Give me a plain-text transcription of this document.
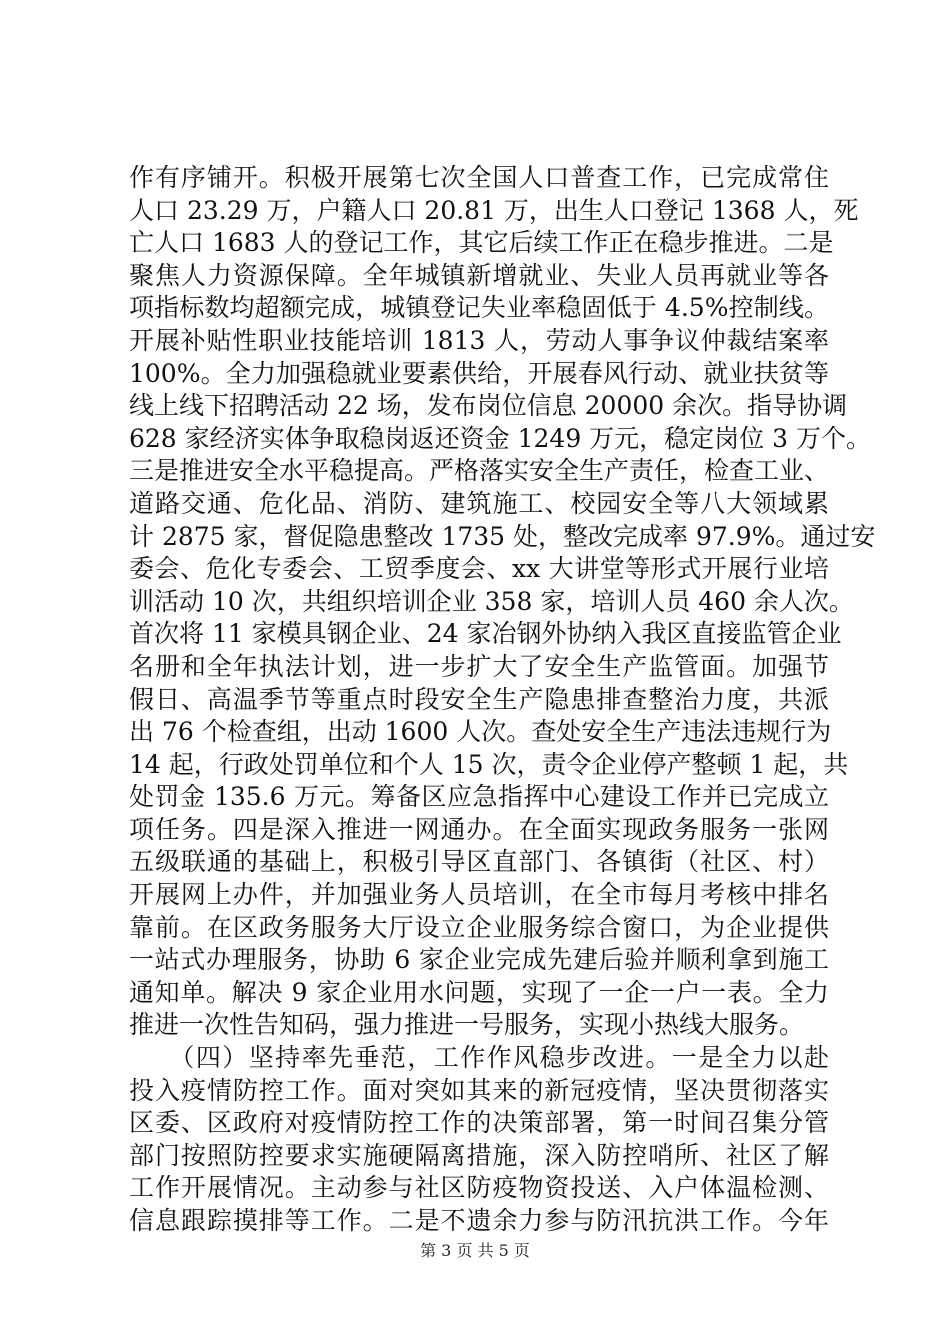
作有序铺开。积极开展第七次全国人口普查工作，已完成常住
人口 23.29 万，户籍人口 20.81 万，出生人口登记 1368 人，死
亡人口 1683 人的登记工作，其它后续工作正在稳步推进。二是
聚焦人力资源保障。全年城镇新增就业、失业人员再就业等各
项指标数均超额完成，城镇登记失业率稳固低于 4.5%控制线。
开展补贴性职业技能培训 1813 人，劳动人事争议仲裁结案率
100%。全力加强稳就业要素供给，开展春风行动、就业扶贫等
线上线下招聘活动 22 场，发布岗位信息 20000 余次。指导协调
628 家经济实体争取稳岗返还资金 1249 万元，稳定岗位 3 万个。
三是推进安全水平稳提高。严格落实安全生产责任，检查工业、
道路交通、危化品、消防、建筑施工、校园安全等八大领域累
计 2875 家，督促隐患整改 1735 处，整改完成率 97.9%。通过安
委会、危化专委会、工贸季度会、xx 大讲堂等形式开展行业培
训活动 10 次，共组织培训企业 358 家，培训人员 460 余人次。
首次将 11 家模具钢企业、24 家冶钢外协纳入我区直接监管企业
名册和全年执法计划，进一步扩大了安全生产监管面。加强节
假日、高温季节等重点时段安全生产隐患排查整治力度，共派
出 76 个检查组，出动 1600 人次。查处安全生产违法违规行为
14 起，行政处罚单位和个人 15 次，责令企业停产整顿 1 起，共
处罚金 135.6 万元。筹备区应急指挥中心建设工作并已完成立
项任务。四是深入推进一网通办。在全面实现政务服务一张网
五级联通的基础上，积极引导区直部门、各镇街（社区、村）
开展网上办件，并加强业务人员培训，在全市每月考核中排名
靠前。在区政务服务大厅设立企业服务综合窗口，为企业提供
一站式办理服务，协助 6 家企业完成先建后验并顺利拿到施工
通知单。解决 9 家企业用水问题，实现了一企一户一表。全力
推进一次性告知码，强力推进一号服务，实现小热线大服务。
　　（四）坚持率先垂范，工作作风稳步改进。一是全力以赴
投入疫情防控工作。面对突如其来的新冠疫情，坚决贯彻落实
区委、区政府对疫情防控工作的决策部署，第一时间召集分管
部门按照防控要求实施硬隔离措施，深入防控哨所、社区了解
工作开展情况。主动参与社区防疫物资投送、入户体温检测、
信息跟踪摸排等工作。二是不遗余力参与防汛抗洪工作。今年
第 3 页 共 5 页
